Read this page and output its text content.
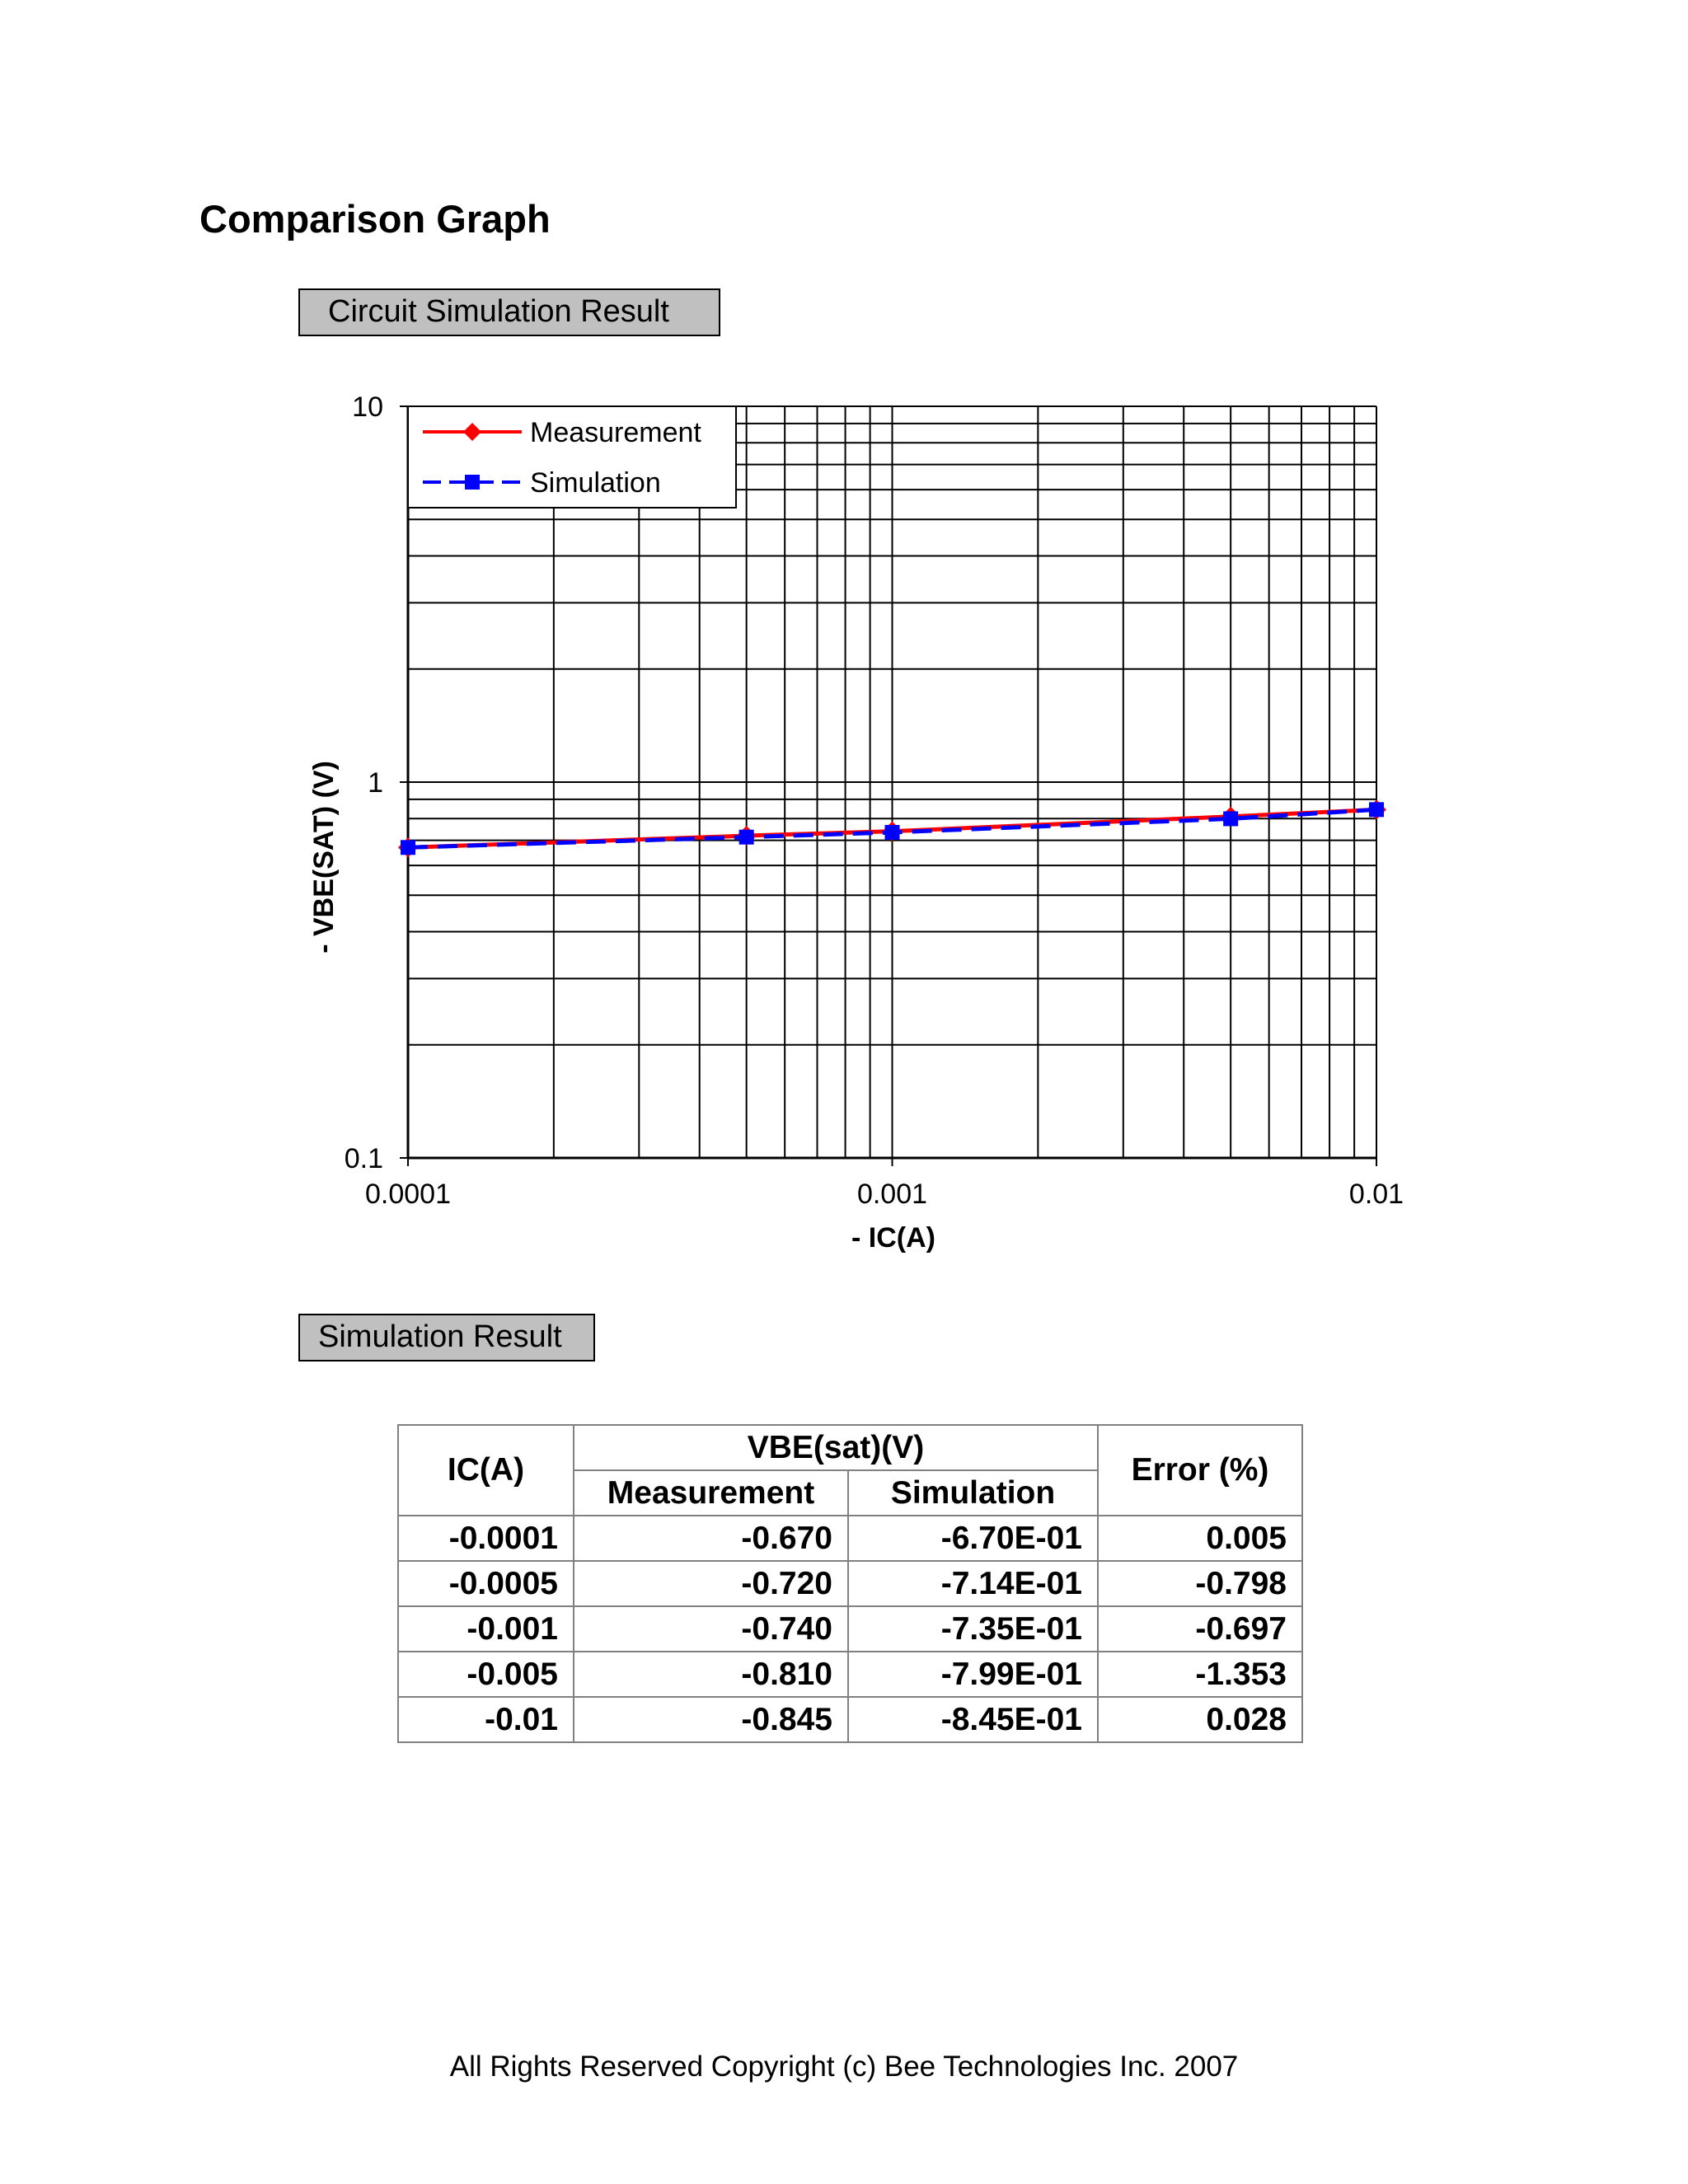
Comparison Graph
Circuit Simulation Result
0.0001	0.001	0.01
0.1
1
10
- IC(A)
- VBE(SAT) (V)
Measurement
Simulation
Simulation Result
IC(A)	VBE(sat)(V)		Error (%)
	Measurement	Simulation	
-0.0001	-0.670	-6.70E-01	0.005
-0.0005	-0.720	-7.14E-01	-0.798
-0.001	-0.740	-7.35E-01	-0.697
-0.005	-0.810	-7.99E-01	-1.353
-0.01	-0.845	-8.45E-01	0.028
All Rights Reserved Copyright (c) Bee Technologies Inc. 2007
